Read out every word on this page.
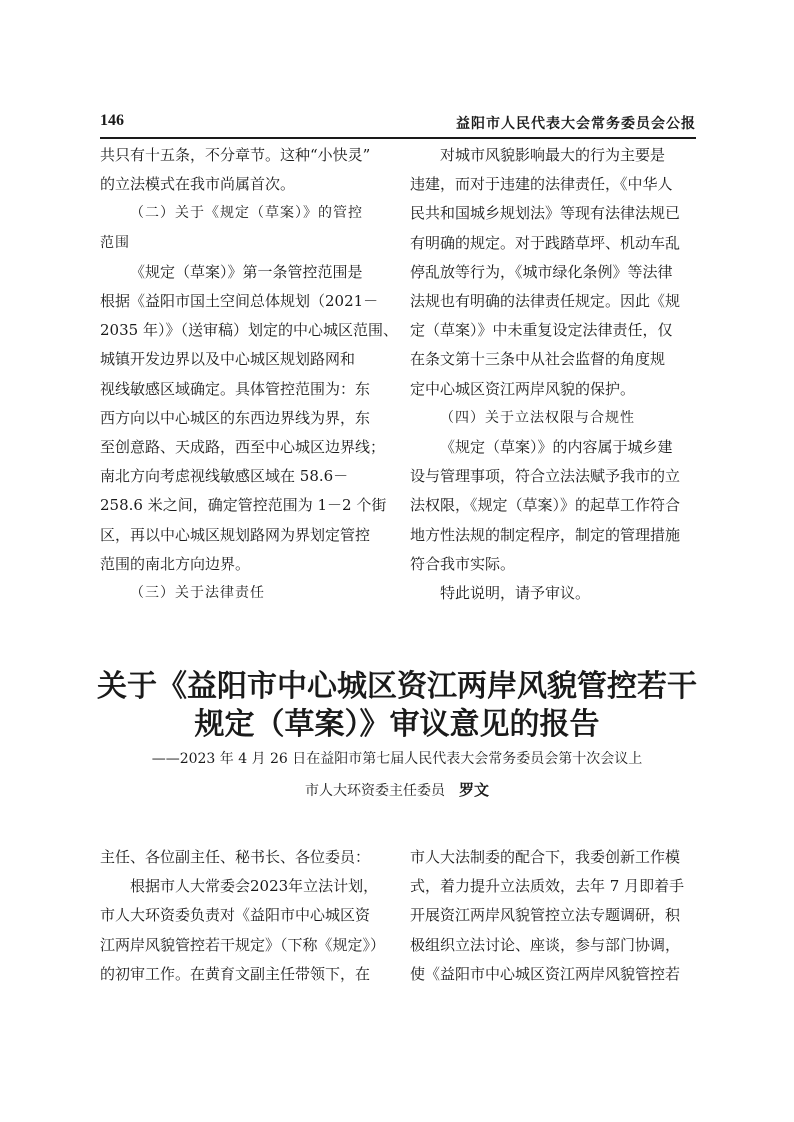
146	益阳市人民代表大会常务委员会公报
共只有十五条，不分章节。这种“小快灵”
的立法模式在我市尚属首次。
（二）关于《规定（草案）》的管控
范围
《规定（草案）》第一条管控范围是
根据《益阳市国土空间总体规划（2021－
2035 年）》（送审稿）划定的中心城区范围、
城镇开发边界以及中心城区规划路网和
视线敏感区域确定。具体管控范围为：东
西方向以中心城区的东西边界线为界，东
至创意路、天成路，西至中心城区边界线；
南北方向考虑视线敏感区域在 58.6－
258.6 米之间，确定管控范围为 1－2 个街
区，再以中心城区规划路网为界划定管控
范围的南北方向边界。
（三）关于法律责任
对城市风貌影响最大的行为主要是
违建，而对于违建的法律责任，《中华人
民共和国城乡规划法》等现有法律法规已
有明确的规定。对于践踏草坪、机动车乱
停乱放等行为，《城市绿化条例》等法律
法规也有明确的法律责任规定。因此《规
定（草案）》中未重复设定法律责任，仅
在条文第十三条中从社会监督的角度规
定中心城区资江两岸风貌的保护。
（四）关于立法权限与合规性
《规定（草案）》的内容属于城乡建
设与管理事项，符合立法法赋予我市的立
法权限，《规定（草案）》的起草工作符合
地方性法规的制定程序，制定的管理措施
符合我市实际。
特此说明，请予审议。
关于《益阳市中心城区资江两岸风貌管控若干
规定（草案）》审议意见的报告
——2023 年 4 月 26 日在益阳市第七届人民代表大会常务委员会第十次会议上
市人大环资委主任委员 罗文
主任、各位副主任、秘书长、各位委员：
根据市人大常委会2023年立法计划，
市人大环资委负责对《益阳市中心城区资
江两岸风貌管控若干规定》（下称《规定》）
的初审工作。在黄育文副主任带领下，在
市人大法制委的配合下，我委创新工作模
式，着力提升立法质效，去年 7 月即着手
开展资江两岸风貌管控立法专题调研，积
极组织立法讨论、座谈，参与部门协调，
使《益阳市中心城区资江两岸风貌管控若
